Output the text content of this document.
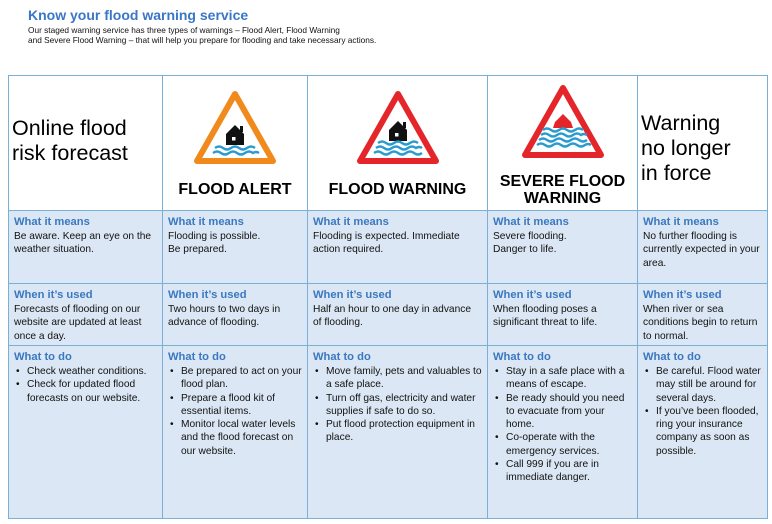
Know your flood warning service
Our staged warning service has three types of warnings – Flood Alert, Flood Warning
and Severe Flood Warning – that will help you prepare for flooding and take necessary actions.
Online flood
risk forecast
FLOOD ALERT	FLOOD WARNING	SEVERE FLOOD
WARNING
Warning
no longer
in force
What it means
Be aware. Keep an eye on the weather situation.
What it means
Flooding is possible. Be prepared.
What it means
Flooding is expected. Immediate action required.
What it means
Severe flooding. Danger to life.
What it means
No further flooding is currently expected in your area.
When it’s used
Forecasts of flooding on our website are updated at least once a day.
When it’s used
Two hours to two days in advance of flooding.
When it’s used
Half an hour to one day in advance of flooding.
When it’s used
When flooding poses a significant threat to life.
When it’s used
When river or sea conditions begin to return to normal.
What to do
• Check weather conditions.
• Check for updated flood forecasts on our website.
What to do
• Be prepared to act on your flood plan.
• Prepare a flood kit of essential items.
• Monitor local water levels and the flood forecast on our website.
What to do
• Move family, pets and valuables to a safe place.
• Turn off gas, electricity and water supplies if safe to do so.
• Put flood protection equipment in place.
What to do
• Stay in a safe place with a means of escape.
• Be ready should you need to evacuate from your home.
• Co-operate with the emergency services.
• Call 999 if you are in immediate danger.
What to do
• Be careful. Flood water may still be around for several days.
• If you’ve been flooded, ring your insurance company as soon as possible.
